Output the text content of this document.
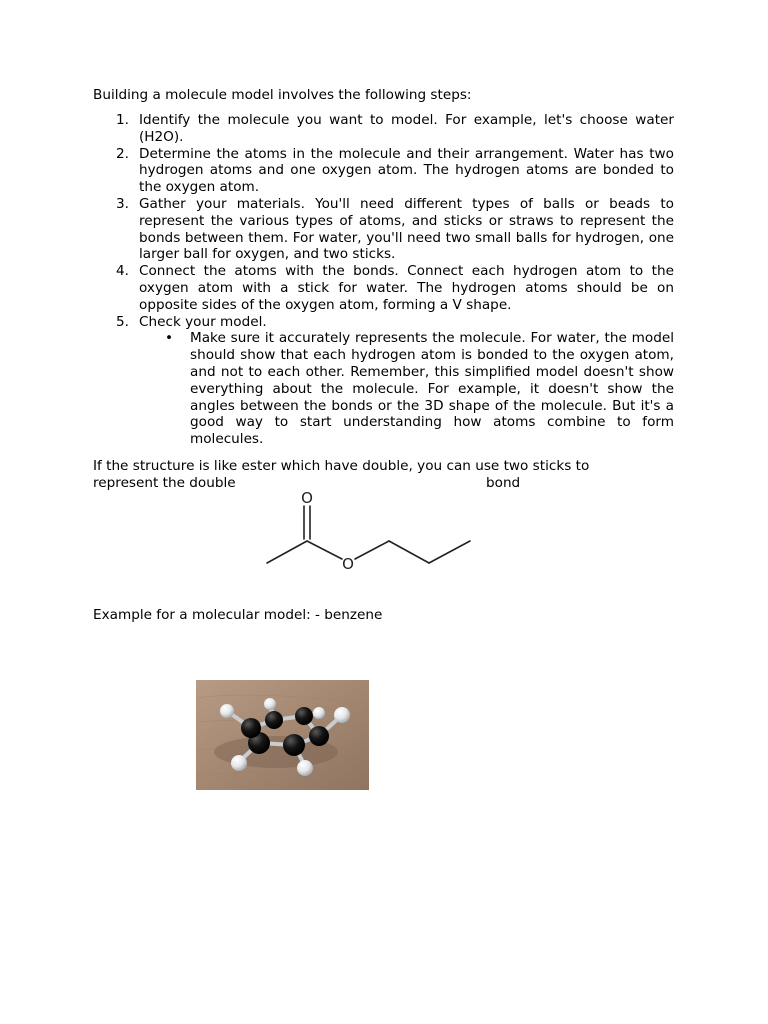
Building a molecule model involves the following steps:
1. Identify the molecule you want to model. For example, let's choose water (H2O).
2. Determine the atoms in the molecule and their arrangement. Water has two hydrogen atoms and one oxygen atom. The hydrogen atoms are bonded to the oxygen atom.
3. Gather your materials. You'll need different types of balls or beads to represent the various types of atoms, and sticks or straws to represent the bonds between them. For water, you'll need two small balls for hydrogen, one larger ball for oxygen, and two sticks.
4. Connect the atoms with the bonds. Connect each hydrogen atom to the oxygen atom with a stick for water. The hydrogen atoms should be on opposite sides of the oxygen atom, forming a V shape.
5. Check your model.
• Make sure it accurately represents the molecule. For water, the model should show that each hydrogen atom is bonded to the oxygen atom, and not to each other. Remember, this simplified model doesn't show everything about the molecule. For example, it doesn't show the angles between the bonds or the 3D shape of the molecule. But it's a good way to start understanding how atoms combine to form molecules.
If the structure is like ester which have double, you can use two sticks to
represent the double	bond
O
O
Example for a molecular model: - benzene
